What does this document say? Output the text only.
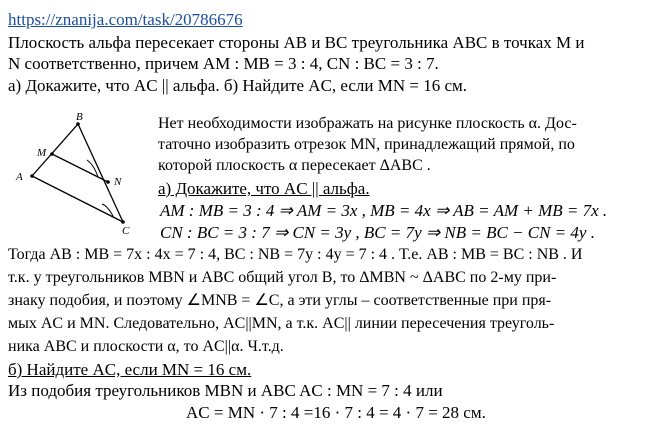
https://znanija.com/task/20786676
Плоскость альфа пересекает стороны AB и BC треугольника ABC в точках M и
N соответственно, причем AM : MB = 3 : 4, CN : BC = 3 : 7.
а) Докажите, что AC || альфа. б) Найдите AC, если MN = 16 см.
B
M
A	N
C
Нет необходимости изображать на рисунке плоскость α. Дос-
таточно изобразить отрезок MN, принадлежащий прямой, по
которой плоскость α пересекает ΔABC .
а) Докажите, что AC || альфа.
AM : MB = 3 : 4 ⇒ AM = 3x , MB = 4x ⇒ AB = AM + MB = 7x .
CN : BC = 3 : 7 ⇒ CN = 3y , BC = 7y ⇒ NB = BC − CN = 4y .
Тогда AB : MB = 7x : 4x = 7 : 4, BC : NB = 7y : 4y = 7 : 4 . Т.е. AB : MB = BC : NB . И
т.к. у треугольников MBN и ABC общий угол B, то ΔMBN ~ ΔABC по 2-му при-
знаку подобия, и поэтому ∠MNB = ∠C, а эти углы – соответственные при пря-
мых AC и MN. Следовательно, AC||MN, а т.к. AC|| линии пересечения треуголь-
ника ABC и плоскости α, то AC||α. Ч.т.д.
б) Найдите AC, если MN = 16 см.
Из подобия треугольников MBN и ABC AC : MN = 7 : 4 или
AC = MN · 7 : 4 =16 · 7 : 4 = 4 · 7 = 28 см.
